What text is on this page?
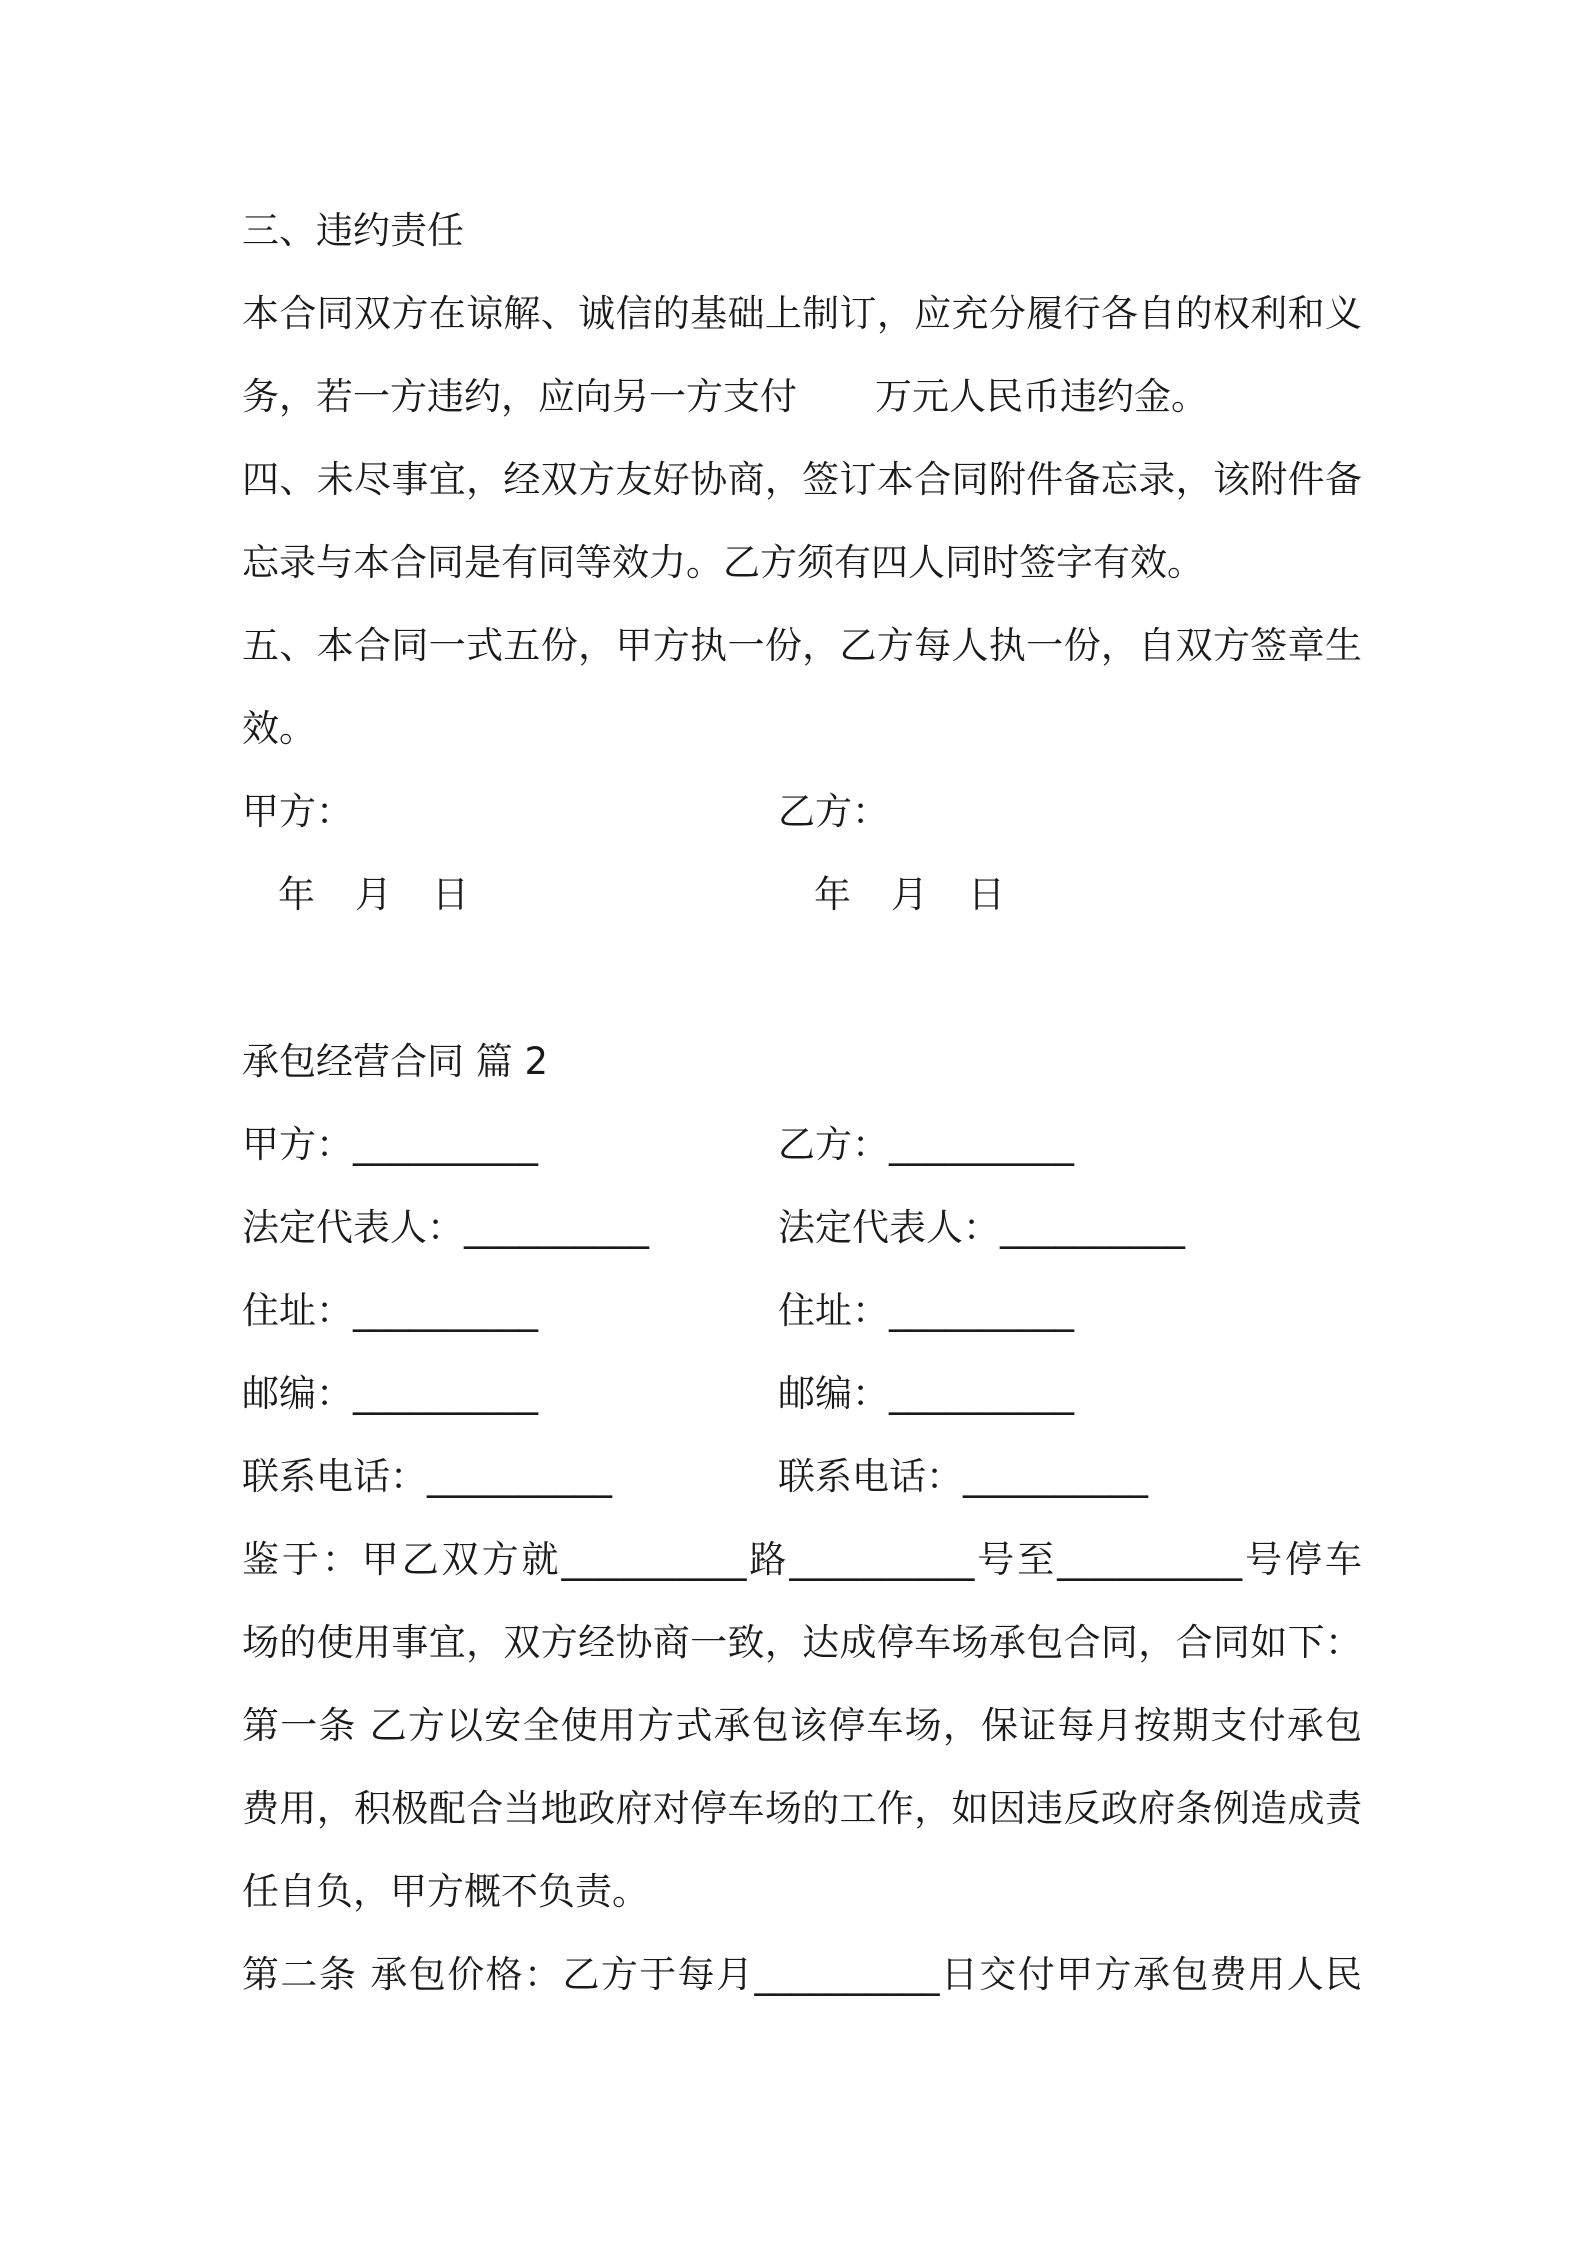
三、违约责任
本合同双方在谅解、诚信的基础上制订，应充分履行各自的权利和义
务，若一方违约，应向另一方支付 万元人民币违约金。
四、未尽事宜，经双方友好协商，签订本合同附件备忘录，该附件备
忘录与本合同是有同等效力。乙方须有四人同时签字有效。
五、本合同一式五份，甲方执一份，乙方每人执一份，自双方签章生
效。
甲方：	乙方：
年 月 日	年 月 日
承包经营合同 篇 2
甲方：__________	乙方：__________
法定代表人：__________	法定代表人：__________
住址：__________	住址：__________
邮编：__________	邮编：__________
联系电话：__________	联系电话：__________
鉴于：甲乙双方就__________路__________号至__________号停车
场的使用事宜，双方经协商一致，达成停车场承包合同，合同如下：
第一条 乙方以安全使用方式承包该停车场，保证每月按期支付承包
费用，积极配合当地政府对停车场的工作，如因违反政府条例造成责
任自负，甲方概不负责。
第二条 承包价格：乙方于每月__________日交付甲方承包费用人民
